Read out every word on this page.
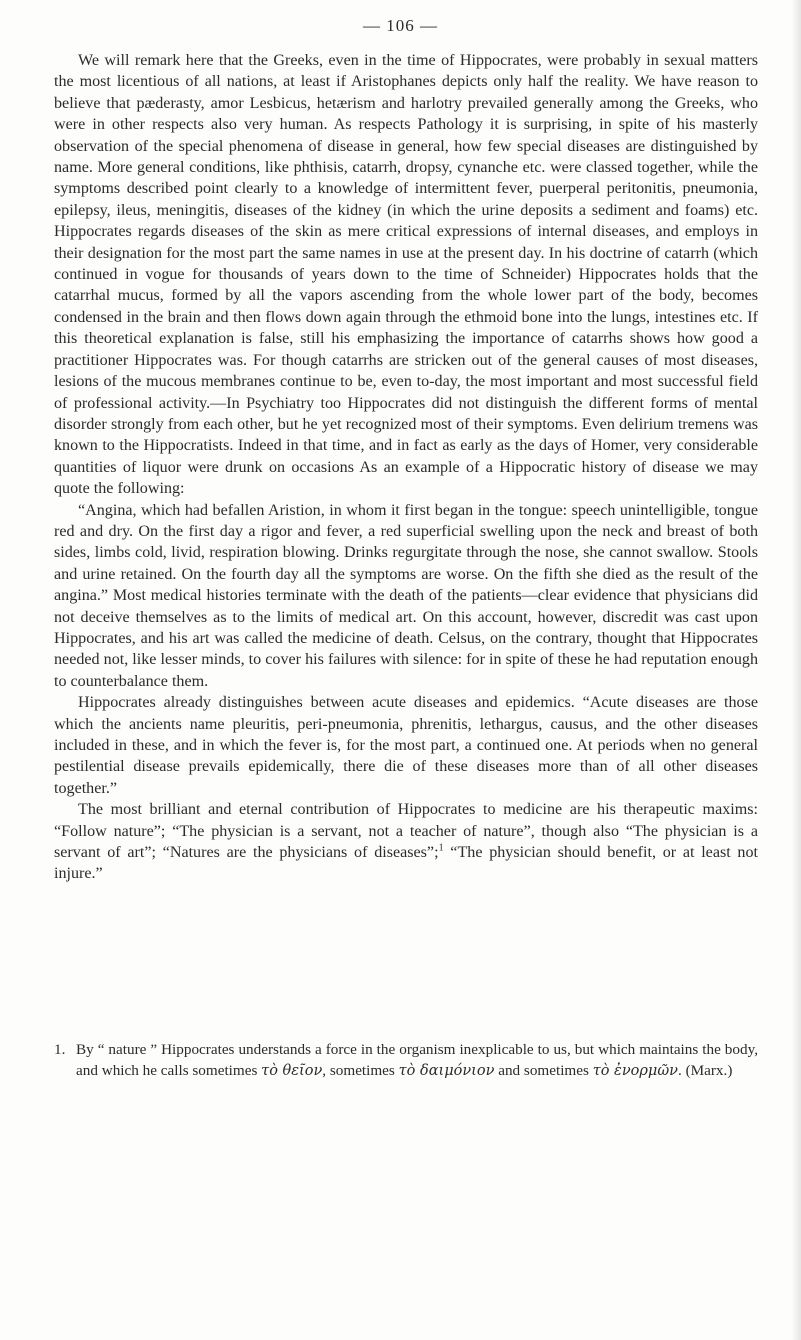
— 106 —

We will remark here that the Greeks, even in the time of Hippocrates, were probably in sexual matters the most licentious of all nations, at least if Aristophanes depicts only half the reality. We have reason to believe that pæderasty, amor Lesbicus, hetærism and harlotry prevailed generally among the Greeks, who were in other respects also very human. As respects Pathology it is surprising, in spite of his masterly observation of the special phenomena of disease in general, how few special diseases are distinguished by name. More general conditions, like phthisis, catarrh, dropsy, cynanche etc. were classed together, while the symptoms described point clearly to a knowledge of intermittent fever, puerperal peritonitis, pneumonia, epilepsy, ileus, meningitis, diseases of the kidney (in which the urine deposits a sediment and foams) etc. Hippocrates regards diseases of the skin as mere critical expressions of internal diseases, and employs in their designation for the most part the same names in use at the present day. In his doctrine of catarrh (which continued in vogue for thousands of years down to the time of Schneider) Hippocrates holds that the catarrhal mucus, formed by all the vapors ascending from the whole lower part of the body, becomes condensed in the brain and then flows down again through the ethmoid bone into the lungs, intestines etc. If this theoretical explanation is false, still his emphasizing the importance of catarrhs shows how good a practitioner Hippocrates was. For though catarrhs are stricken out of the general causes of most diseases, lesions of the mucous membranes continue to be, even to-day, the most important and most successful field of professional activity.—In Psychiatry too Hippocrates did not distinguish the different forms of mental disorder strongly from each other, but he yet recognized most of their symptoms. Even delirium tremens was known to the Hippocratists. Indeed in that time, and in fact as early as the days of Homer, very considerable quantities of liquor were drunk on occasions As an example of a Hippocratic history of disease we may quote the following:

“Angina, which had befallen Aristion, in whom it first began in the tongue: speech unintelligible, tongue red and dry. On the first day a rigor and fever, a red superficial swelling upon the neck and breast of both sides, limbs cold, livid, respiration blowing. Drinks regurgitate through the nose, she cannot swallow. Stools and urine retained. On the fourth day all the symptoms are worse. On the fifth she died as the result of the angina.” Most medical histories terminate with the death of the patients—clear evidence that physicians did not deceive themselves as to the limits of medical art. On this account, however, discredit was cast upon Hippocrates, and his art was called the medicine of death. Celsus, on the contrary, thought that Hippocrates needed not, like lesser minds, to cover his failures with silence: for in spite of these he had reputation enough to counterbalance them.

Hippocrates already distinguishes between acute diseases and epidemics. “Acute diseases are those which the ancients name pleuritis, peri-pneumonia, phrenitis, lethargus, causus, and the other diseases included in these, and in which the fever is, for the most part, a continued one. At periods when no general pestilential disease prevails epidemically, there die of these diseases more than of all other diseases together.”

The most brilliant and eternal contribution of Hippocrates to medicine are his therapeutic maxims: “Follow nature”; “The physician is a servant, not a teacher of nature”, though also “The physician is a servant of art”; “Natures are the physicians of diseases”;$^1$ “The physician should benefit, or at least not injure.”

1. By “ nature ” Hippocrates understands a force in the organism inexplicable to us, but which maintains the body, and which he calls sometimes τὸ θεῖον, sometimes τὸ δαιμόνιον and sometimes τὸ ἐνορμῶν. (Marx.)
